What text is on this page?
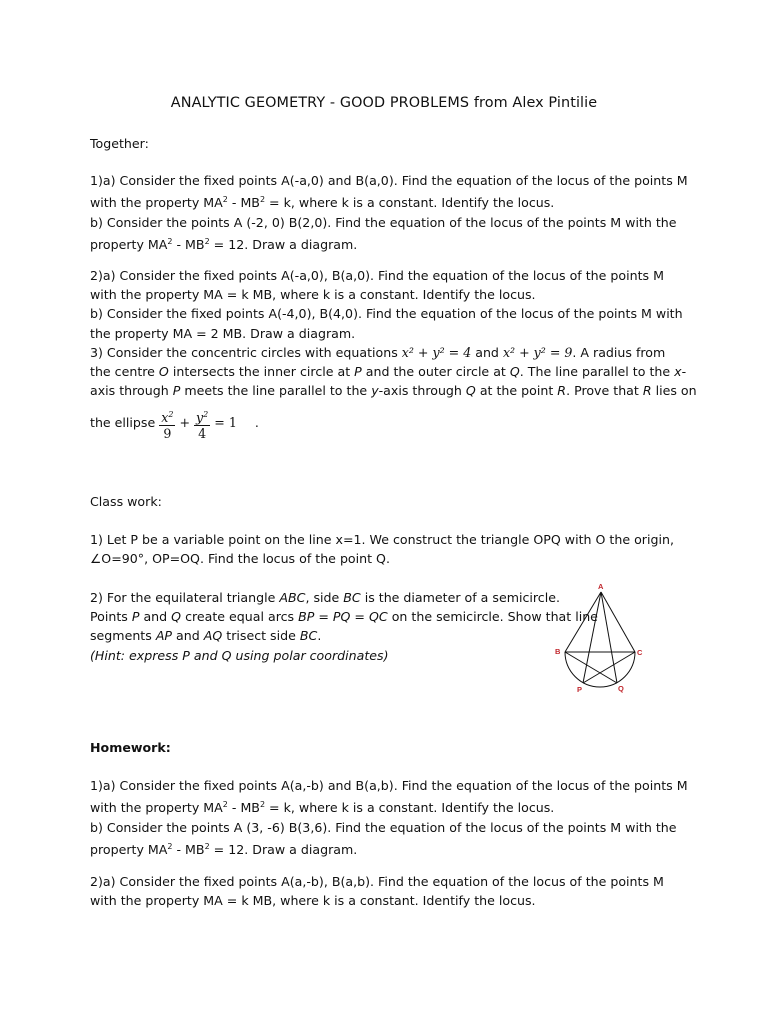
ANALYTIC GEOMETRY - GOOD PROBLEMS from Alex Pintilie
Together:
1)a) Consider the fixed points A(-a,0) and B(a,0). Find the equation of the locus of the points M
with the property $MA^2 - MB^2 = k$, where k is a constant. Identify the locus.
b) Consider the points A (-2, 0) B(2,0). Find the equation of the locus of the points M with the
property $MA^2 - MB^2 = 12$. Draw a diagram.
2)a) Consider the fixed points A(-a,0), B(a,0). Find the equation of the locus of the points M
with the property MA = k MB, where k is a constant. Identify the locus.
b) Consider the fixed points A(-4,0), B(4,0). Find the equation of the locus of the points M with
the property MA = 2 MB. Draw a diagram.
3) Consider the concentric circles with equations x² + y² = 4 and x² + y² = 9. A radius from
the centre O intersects the inner circle at P and the outer circle at Q. The line parallel to the x-
axis through P meets the line parallel to the y-axis through Q at the point R. Prove that R lies on
the ellipse $\frac{x^2}{9} + \frac{y^2}{4} = 1$ .
Class work:
1) Let P be a variable point on the line x=1. We construct the triangle OPQ with O the origin,
∠O=90°, OP=OQ. Find the locus of the point Q.
2) For the equilateral triangle ABC, side BC is the diameter of a semicircle.
Points P and Q create equal arcs BP = PQ = QC on the semicircle. Show that line
segments AP and AQ trisect side BC.
(Hint: express P and Q using polar coordinates)
A
B	C
P	Q
Homework:
1)a) Consider the fixed points A(a,-b) and B(a,b). Find the equation of the locus of the points M
with the property $MA^2 - MB^2 = k$, where k is a constant. Identify the locus.
b) Consider the points A (3, -6) B(3,6). Find the equation of the locus of the points M with the
property $MA^2 - MB^2 = 12$. Draw a diagram.
2)a) Consider the fixed points A(a,-b), B(a,b). Find the equation of the locus of the points M
with the property MA = k MB, where k is a constant. Identify the locus.
